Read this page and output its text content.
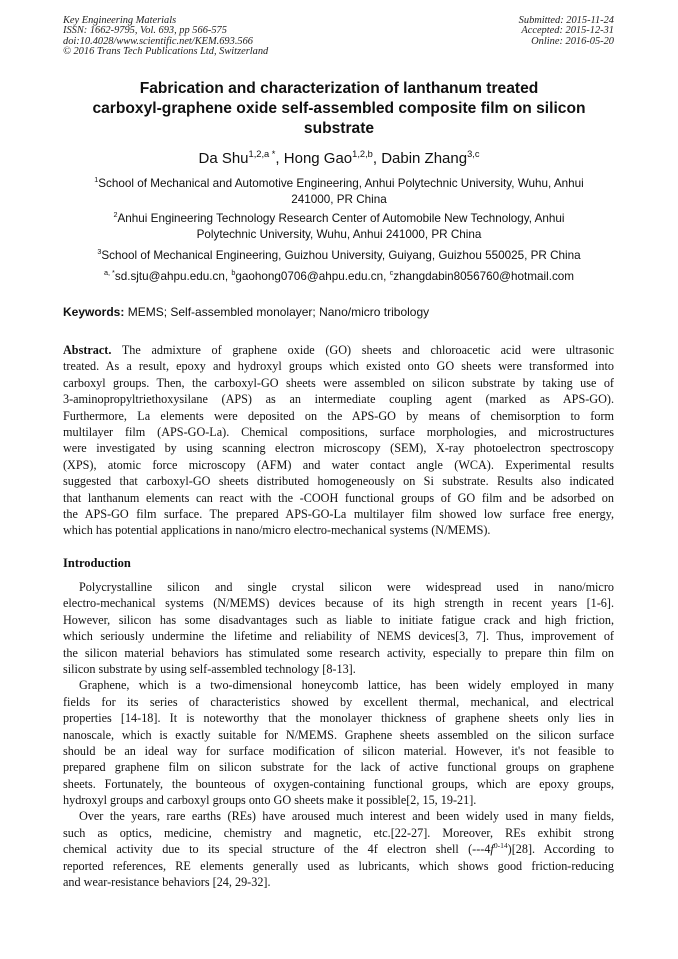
Key Engineering Materials
ISSN: 1662-9795, Vol. 693, pp 566-575
doi:10.4028/www.scientific.net/KEM.693.566
© 2016 Trans Tech Publications Ltd, Switzerland
Submitted: 2015-11-24
Accepted: 2015-12-31
Online: 2016-05-20
Fabrication and characterization of lanthanum treated
carboxyl-graphene oxide self-assembled composite film on silicon
substrate
Da Shu$^{1,2,a *}$, Hong Gao$^{1,2,b}$, Dabin Zhang$^{3,c}$
$^1$School of Mechanical and Automotive Engineering, Anhui Polytechnic University, Wuhu, Anhui
241000, PR China
$^2$Anhui Engineering Technology Research Center of Automobile New Technology, Anhui
Polytechnic University, Wuhu, Anhui 241000, PR China
$^3$School of Mechanical Engineering, Guizhou University, Guiyang, Guizhou 550025, PR China
$^{a, *}$sd.sjtu@ahpu.edu.cn, $^b$gaohong0706@ahpu.edu.cn, $^c$zhangdabin8056760@hotmail.com
Keywords: MEMS; Self-assembled monolayer; Nano/micro tribology
Abstract. The admixture of graphene oxide (GO) sheets and chloroacetic acid were ultrasonic
treated. As a result, epoxy and hydroxyl groups which existed onto GO sheets were transformed into
carboxyl groups. Then, the carboxyl-GO sheets were assembled on silicon substrate by taking use of
3-aminopropyltriethoxysilane (APS) as an intermediate coupling agent (marked as APS-GO).
Furthermore, La elements were deposited on the APS-GO by means of chemisorption to form
multilayer film (APS-GO-La). Chemical compositions, surface morphologies, and microstructures
were investigated by using scanning electron microscopy (SEM), X-ray photoelectron spectroscopy
(XPS), atomic force microscopy (AFM) and water contact angle (WCA). Experimental results
suggested that carboxyl-GO sheets distributed homogeneously on Si substrate. Results also indicated
that lanthanum elements can react with the -COOH functional groups of GO film and be adsorbed on
the APS-GO film surface. The prepared APS-GO-La multilayer film showed low surface free energy,
which has potential applications in nano/micro electro-mechanical systems (N/MEMS).
Introduction
Polycrystalline silicon and single crystal silicon were widespread used in nano/micro
electro-mechanical systems (N/MEMS) devices because of its high strength in recent years [1-6].
However, silicon has some disadvantages such as liable to initiate fatigue crack and high friction,
which seriously undermine the lifetime and reliability of NEMS devices[3, 7]. Thus, improvement of
the silicon material behaviors has stimulated some research activity, especially to prepare thin film on
silicon substrate by using self-assembled technology [8-13].
Graphene, which is a two-dimensional honeycomb lattice, has been widely employed in many
fields for its series of characteristics showed by excellent thermal, mechanical, and electrical
properties [14-18]. It is noteworthy that the monolayer thickness of graphene sheets only lies in
nanoscale, which is exactly suitable for N/MEMS. Graphene sheets assembled on the silicon surface
should be an ideal way for surface modification of silicon material. However, it's not feasible to
prepared graphene film on silicon substrate for the lack of active functional groups on graphene
sheets. Fortunately, the bounteous of oxygen-containing functional groups, which are epoxy groups,
hydroxyl groups and carboxyl groups onto GO sheets make it possible[2, 15, 19-21].
Over the years, rare earths (REs) have aroused much interest and been widely used in many fields,
such as optics, medicine, chemistry and magnetic, etc.[22-27]. Moreover, REs exhibit strong
chemical activity due to its special structure of the 4f electron shell $(---4f^{0-14})[28]$. According to
reported references, RE elements generally used as lubricants, which shows good friction-reducing
and wear-resistance behaviors [24, 29-32].
